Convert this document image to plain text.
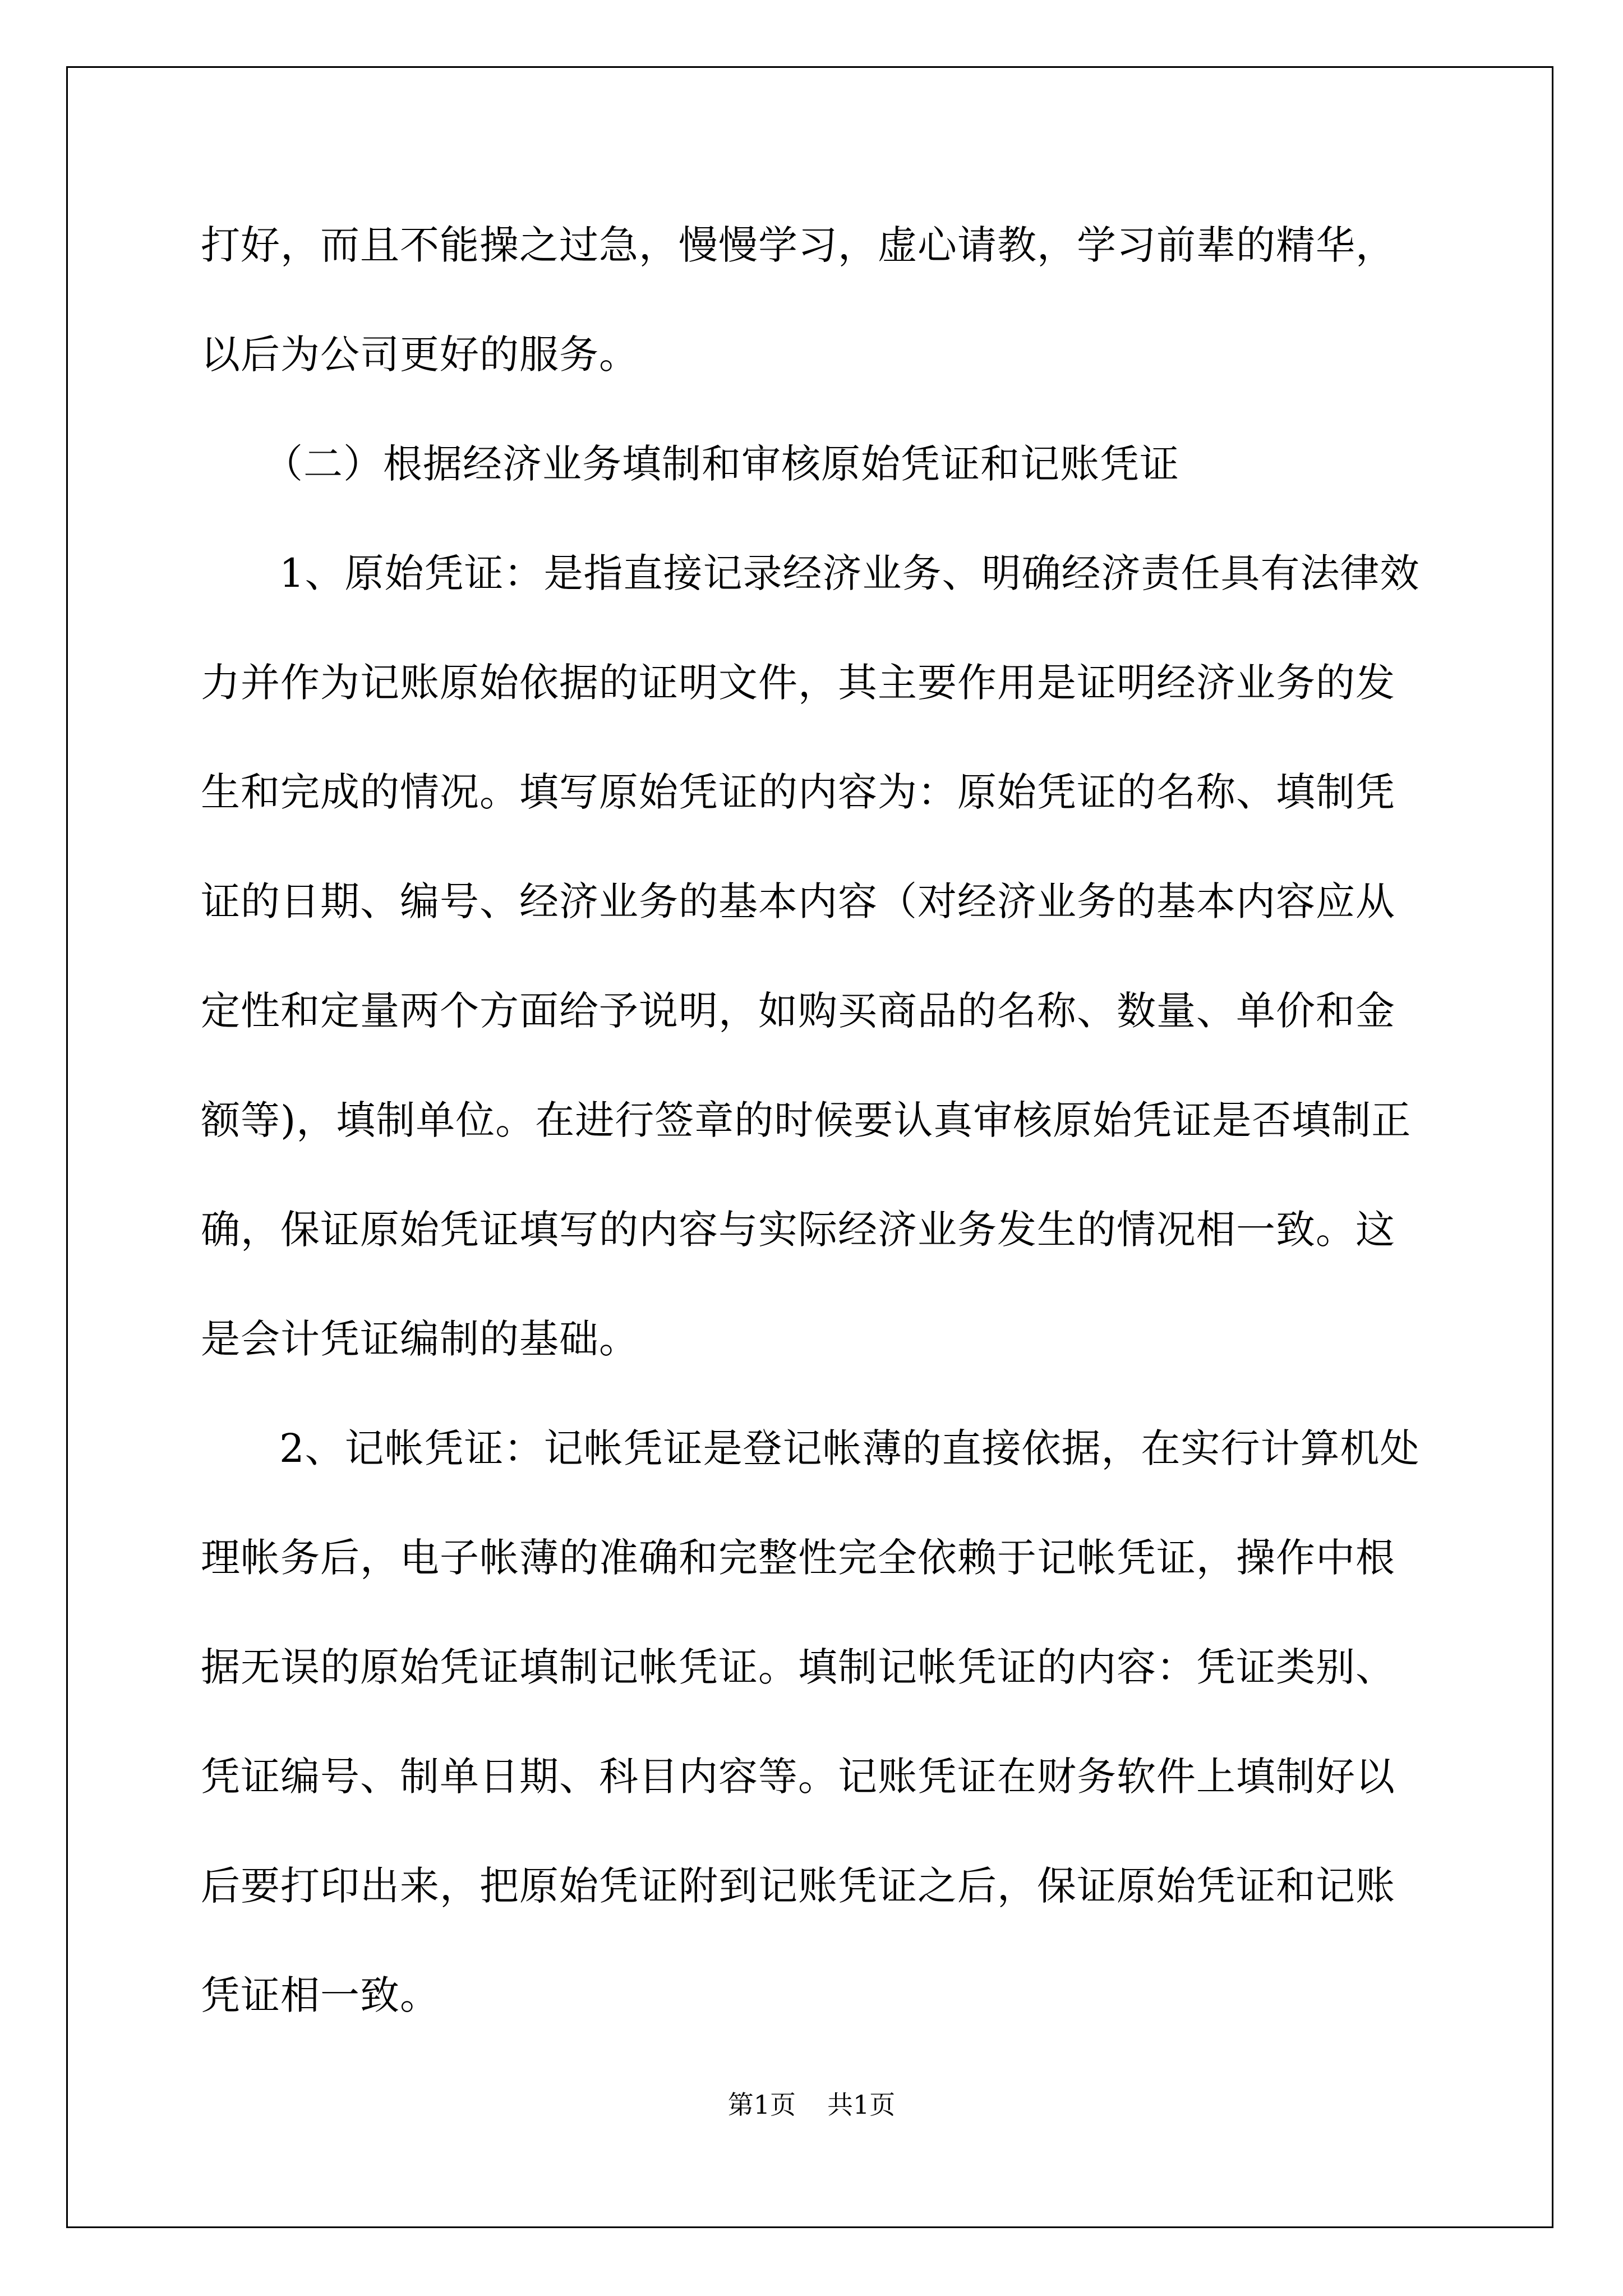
打好，而且不能操之过急，慢慢学习，虚心请教，学习前辈的精华，
以后为公司更好的服务。
（二）根据经济业务填制和审核原始凭证和记账凭证
1、原始凭证：是指直接记录经济业务、明确经济责任具有法律效
力并作为记账原始依据的证明文件，其主要作用是证明经济业务的发
生和完成的情况。填写原始凭证的内容为：原始凭证的名称、填制凭
证的日期、编号、经济业务的基本内容（对经济业务的基本内容应从
定性和定量两个方面给予说明，如购买商品的名称、数量、单价和金
额等)，填制单位。在进行签章的时候要认真审核原始凭证是否填制正
确，保证原始凭证填写的内容与实际经济业务发生的情况相一致。这
是会计凭证编制的基础。
2、记帐凭证：记帐凭证是登记帐薄的直接依据，在实行计算机处
理帐务后，电子帐薄的准确和完整性完全依赖于记帐凭证，操作中根
据无误的原始凭证填制记帐凭证。填制记帐凭证的内容：凭证类别、
凭证编号、制单日期、科目内容等。记账凭证在财务软件上填制好以
后要打印出来，把原始凭证附到记账凭证之后，保证原始凭证和记账
凭证相一致。
第1页 共1页
